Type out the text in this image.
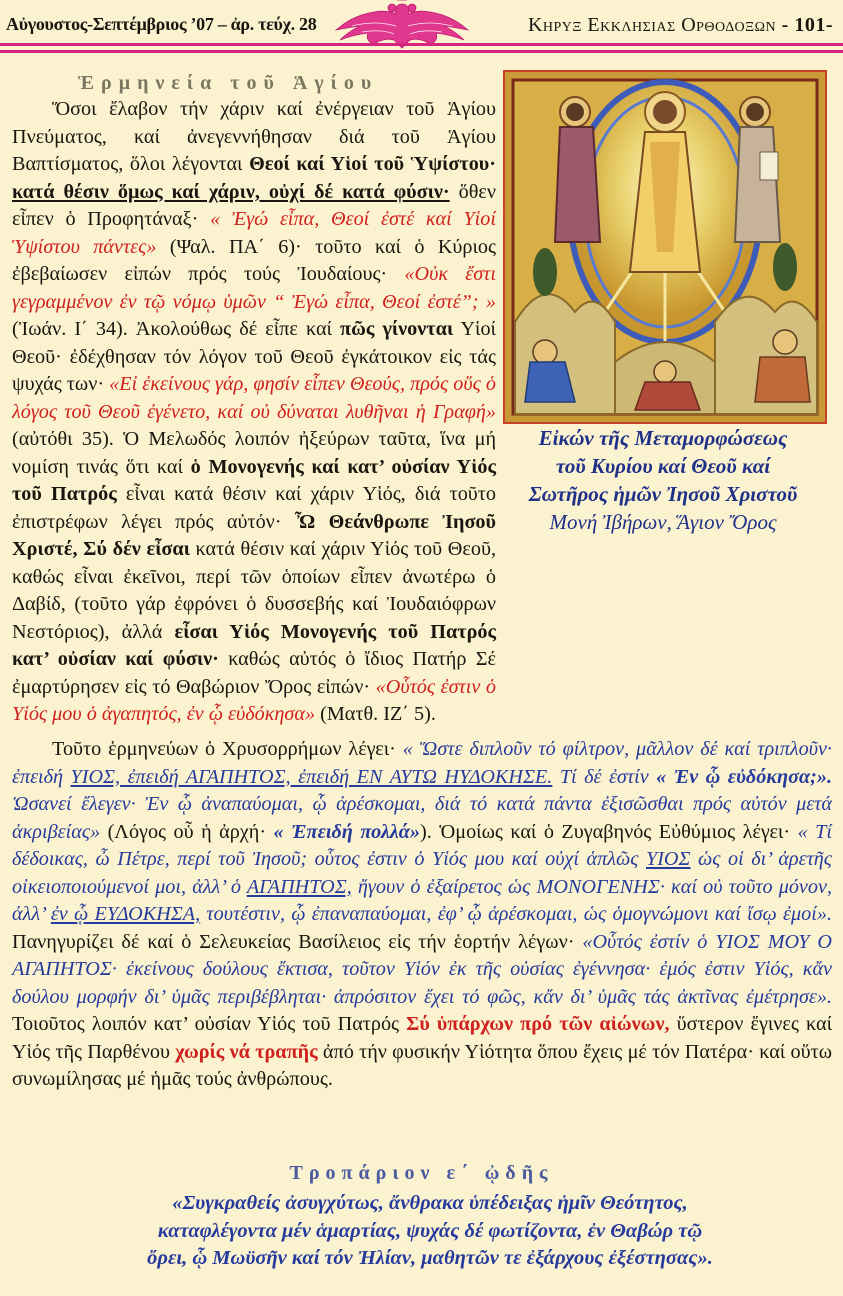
Αὐγουστος-Σεπτέμβριος ’07 – ἀρ. τεύχ. 28	Κηρυξ Εκκλησιας Ορθοδοξων - 101-
Ἑρμηνεία τοῦ Ἁγίου
Εἰκών τῆς Μεταμορφώσεως
τοῦ Κυρίου καί Θεοῦ καί
Σωτῆρος ἡμῶν Ἰησοῦ Χριστοῦ
Μονή Ἰβήρων, Ἅγιον Ὄρος

Ὅσοι ἔλαβον τήν χάριν καί ἐνέργειαν τοῦ Ἁγίου Πνεύματος, καί ἀνεγεννήθησαν διά τοῦ Ἁγίου Βαπτίσματος, ὅλοι λέγονται Θεοί καί Υἱοί τοῦ Ὑψίστου· κατά θέσιν ὅμως καί χάριν, οὐχί δέ κατά φύσιν· ὅθεν εἶπεν ὁ Προφητάναξ· « Ἐγώ εἶπα, Θεοί ἐστέ καί Υἱοί Ὑψίστου πάντες» (Ψαλ. ΠΑ΄ 6)· τοῦτο καί ὁ Κύριος ἐβεβαίωσεν εἰπών πρός τούς Ἰουδαίους· «Οὐκ ἔστι γεγραμμένον ἐν τῷ νόμῳ ὑμῶν “ Ἐγώ εἶπα, Θεοί ἐστέ”; » (Ἰωάν. Ι΄ 34). Ἀκολούθως δέ εἶπε καί πῶς γίνονται Υἱοί Θεοῦ· ἐδέχθησαν τόν λόγον τοῦ Θεοῦ ἐγκάτοικον εἰς τάς ψυχάς των· «Εἰ ἐκείνους γάρ, φησίν εἶπεν Θεούς, πρός οὕς ὁ λόγος τοῦ Θεοῦ ἐγένετο, καί οὐ δύναται λυθῆναι ἡ Γραφή» (αὐτόθι 35). Ὁ Μελωδός λοιπόν ἠξεύρων ταῦτα, ἵνα μή νομίση τινάς ὅτι καί ὁ Μονογενής καί κατ’ οὐσίαν Υἱός τοῦ Πατρός εἶναι κατά θέσιν καί χάριν Υἱός, διά τοῦτο ἐπιστρέφων λέγει πρός αὐτόν· Ὦ Θεάνθρωπε Ἰησοῦ Χριστέ, Σύ δέν εἶσαι κατά θέσιν καί χάριν Υἱός τοῦ Θεοῦ, καθώς εἶναι ἐκεῖνοι, περί τῶν ὁποίων εἶπεν ἀνωτέρω ὁ Δαβίδ, (τοῦτο γάρ ἐφρόνει ὁ δυσσεβής καί Ἰουδαιόφρων Νεστόριος), ἀλλά εἶσαι Υἱός Μονογενής τοῦ Πατρός κατ’ οὐσίαν καί φύσιν· καθώς αὐτός ὁ ἴδιος Πατήρ Σέ ἐμαρτύρησεν εἰς τό Θαβώριον Ὄρος εἰπών· «Οὗτός ἐστιν ὁ Υἱός μου ὁ ἀγαπητός, ἐν ᾧ εὐδόκησα» (Ματθ. ΙΖ΄ 5).

Τοῦτο ἑρμηνεύων ὁ Χρυσορρήμων λέγει· « Ὥστε διπλοῦν τό φίλτρον, μᾶλλον δέ καί τριπλοῦν· ἐπειδή ΥΙΟΣ, ἐπειδή ΑΓΑΠΗΤΟΣ, ἐπειδή ΕΝ ΑΥΤΩ ΗΥΔΟΚΗΣΕ. Τί δέ ἐστίν « Ἐν ᾧ εὐδόκησα;». Ὡσανεί ἔλεγεν· Ἐν ᾧ ἀναπαύομαι, ᾧ ἀρέσκομαι, διά τό κατά πάντα ἐξισῶσθαι πρός αὐτόν μετά ἀκριβείας» (Λόγος οὗ ἡ ἀρχή· « Ἐπειδή πολλά»). Ὁμοίως καί ὁ Ζυγαβηνός Εὐθύμιος λέγει· « Τί δέδοικας, ὦ Πέτρε, περί τοῦ Ἰησοῦ; οὗτος ἐστιν ὁ Υἱός μου καί οὐχί ἁπλῶς ΥΙΟΣ ὡς οἱ δι’ ἀρετῆς οἰκειοποιούμενοί μοι, ἀλλ’ ὁ ΑΓΑΠΗΤΟΣ, ἤγουν ὁ ἐξαίρετος ὡς ΜΟΝΟΓΕΝΗΣ· καί οὐ τοῦτο μόνον, ἀλλ’ ἐν ᾧ ΕΥΔΟΚΗΣΑ, τουτέστιν, ᾧ ἐπαναπαύομαι, ἐφ’ ᾧ ἀρέσκομαι, ὡς ὁμογνώμονι καί ἴσῳ ἐμοί». Πανηγυρίζει δέ καί ὁ Σελευκείας Βασίλειος εἰς τήν ἑορτήν λέγων· «Οὗτός ἐστίν ὁ ΥΙΟΣ ΜΟΥ Ο ΑΓΑΠΗΤΟΣ· ἐκείνους δούλους ἔκτισα, τοῦτον Υἱόν ἐκ τῆς οὐσίας ἐγέννησα· ἐμός ἐστιν Υἱός, κἄν δούλου μορφήν δι’ ὑμᾶς περιβέβληται· ἀπρόσιτον ἔχει τό φῶς, κἄν δι’ ὑμᾶς τάς ἀκτῖνας ἐμέτρησε». Τοιοῦτος λοιπόν κατ’ οὐσίαν Υἱός τοῦ Πατρός Σύ ὑπάρχων πρό τῶν αἰώνων, ὕστερον ἔγινες καί Υἱός τῆς Παρθένου χωρίς νά τραπῆς ἀπό τήν φυσικήν Υἱότητα ὅπου ἔχεις μέ τόν Πατέρα· καί οὕτω συνωμίλησας μέ ἡμᾶς τούς ἀνθρώπους.

Τροπάριον ε΄ ᾠδῆς
«Συγκραθείς ἀσυγχύτως, ἄνθρακα ὑπέδειξας ἡμῖν Θεότητος,
καταφλέγοντα μέν ἁμαρτίας, ψυχάς δέ φωτίζοντα, ἐν Θαβώρ τῷ
ὄρει, ᾧ Μωϋσῆν καί τόν Ἠλίαν, μαθητῶν τε ἐξάρχους ἐξέστησας».
